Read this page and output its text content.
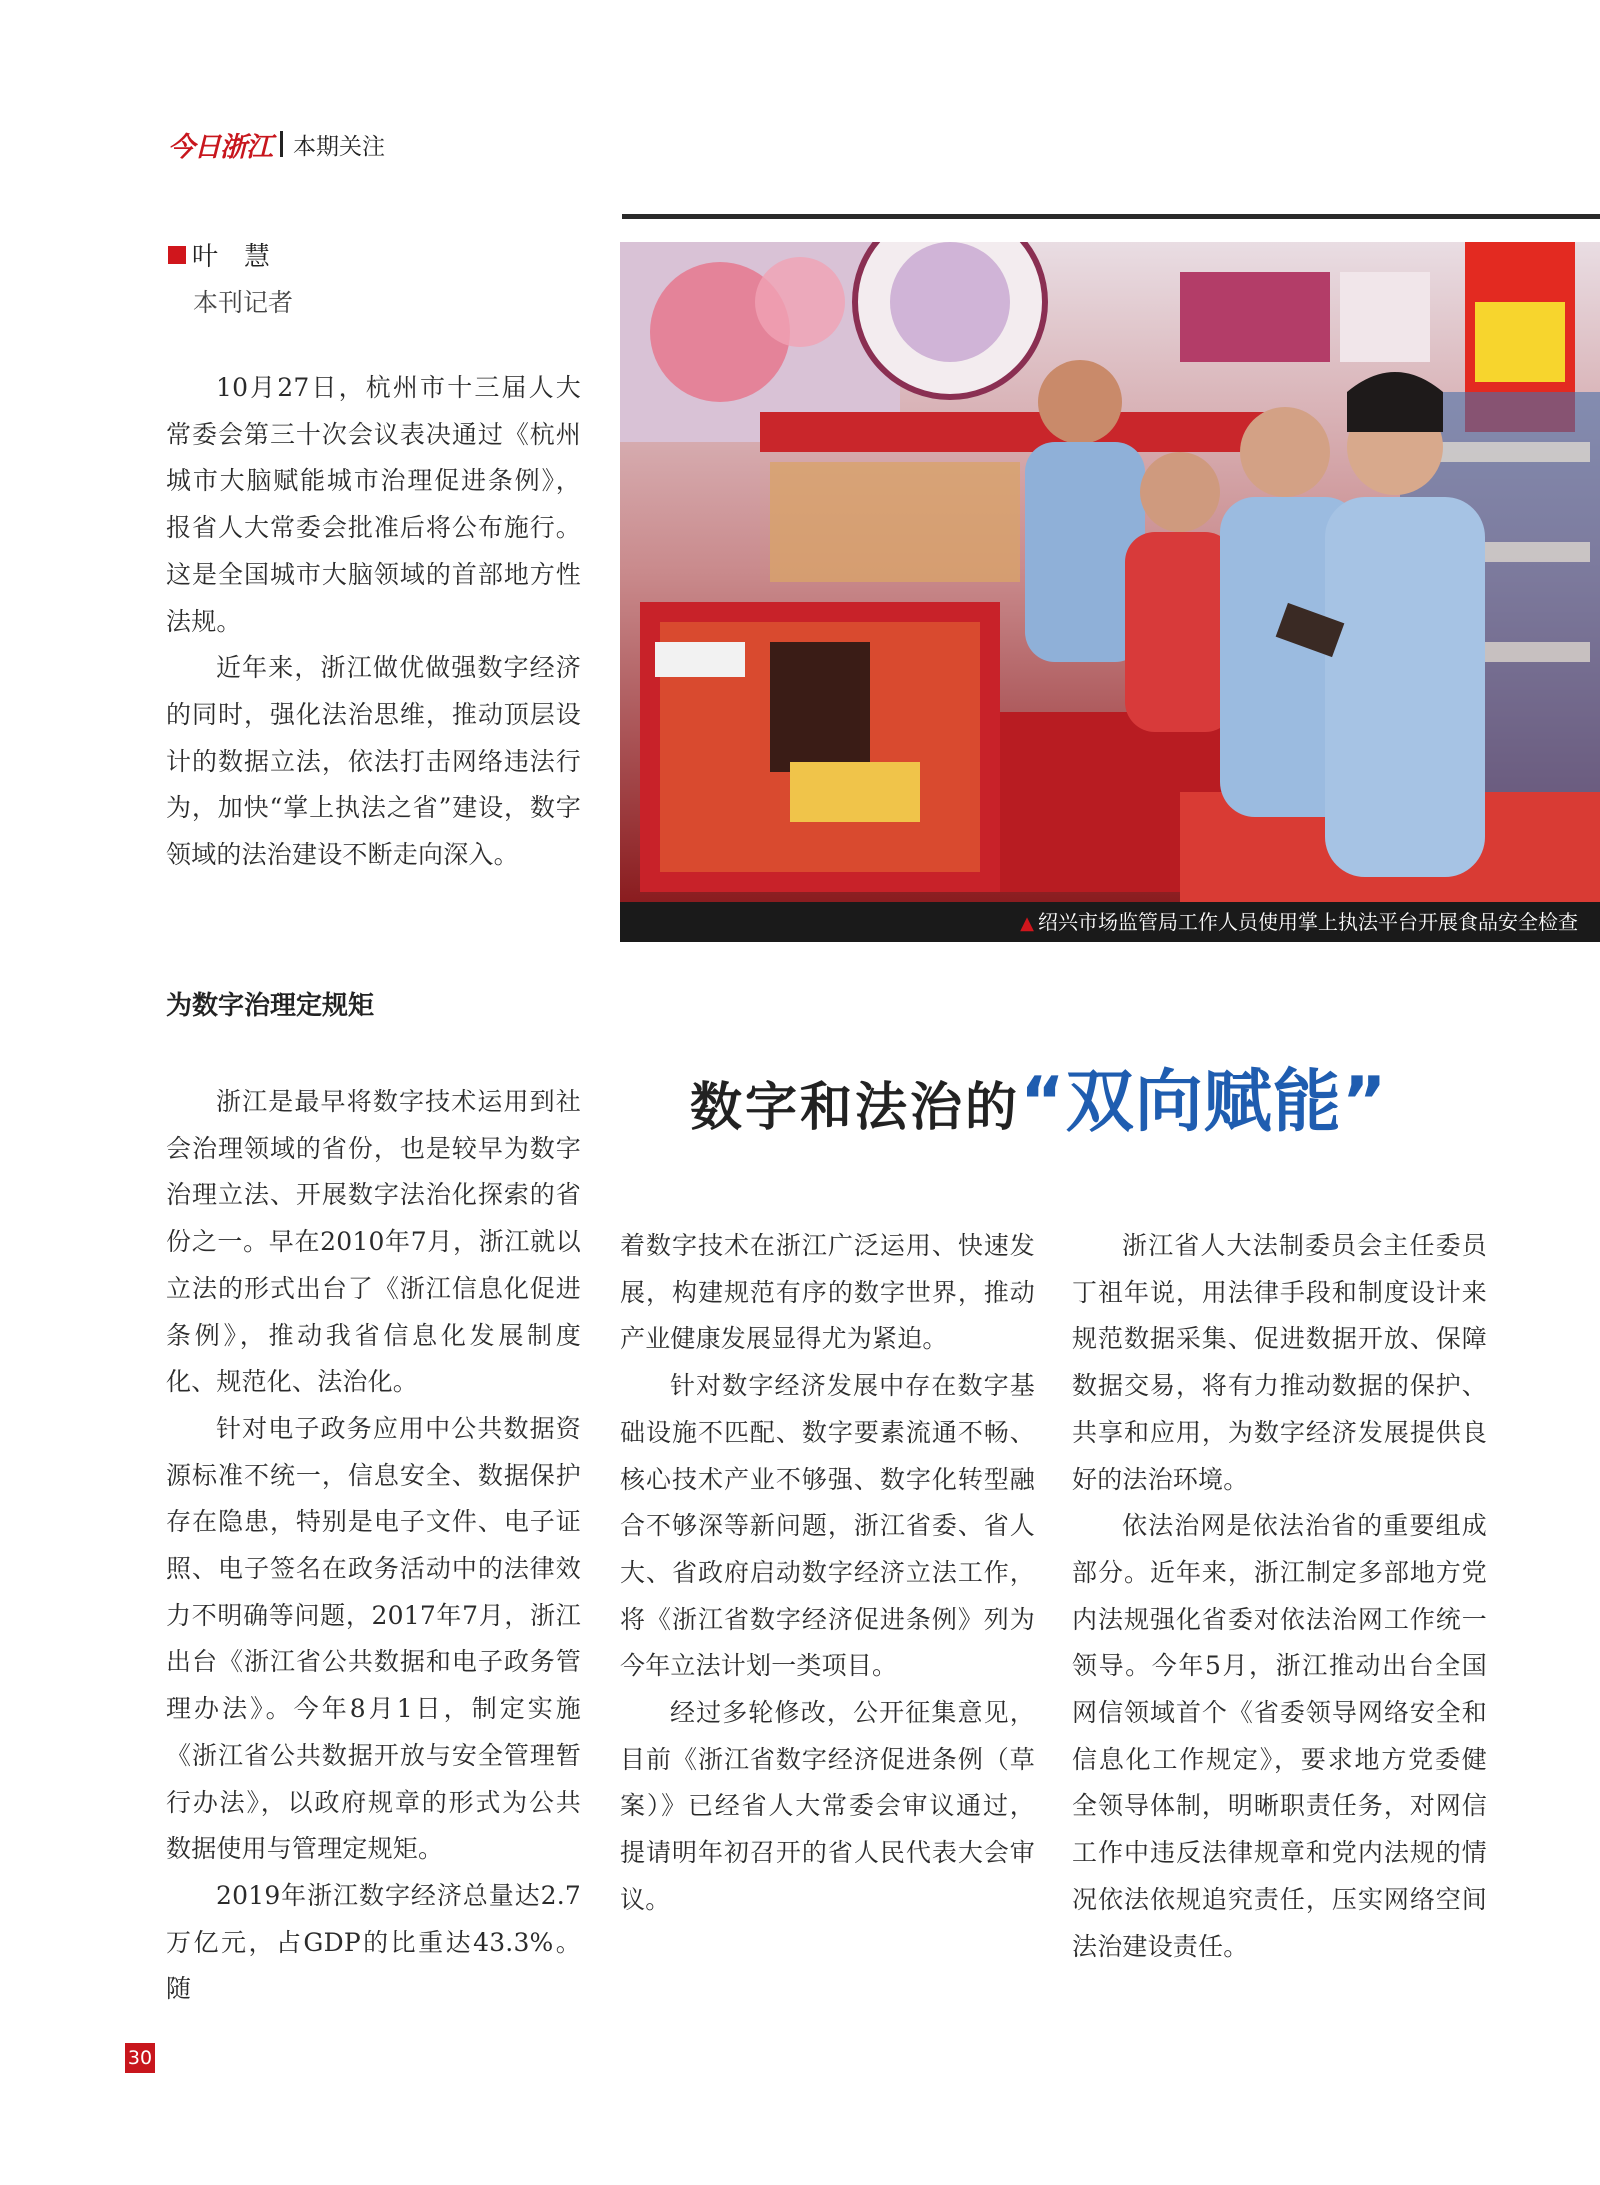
今日浙江 本期关注
叶　慧
本刊记者

10月27日，杭州市十三届人大常委会第三十次会议表决通过《杭州城市大脑赋能城市治理促进条例》，报省人大常委会批准后将公布施行。这是全国城市大脑领域的首部地方性法规。

近年来，浙江做优做强数字经济的同时，强化法治思维，推动顶层设计的数据立法，依法打击网络违法行为，加快“掌上执法之省”建设，数字领域的法治建设不断走向深入。

▲ 绍兴市场监管局工作人员使用掌上执法平台开展食品安全检查
为数字治理定规矩
数字和法治的“双向赋能”

浙江是最早将数字技术运用到社会治理领域的省份，也是较早为数字治理立法、开展数字法治化探索的省份之一。早在2010年7月，浙江就以立法的形式出台了《浙江信息化促进条例》，推动我省信息化发展制度化、规范化、法治化。

针对电子政务应用中公共数据资源标准不统一，信息安全、数据保护存在隐患，特别是电子文件、电子证照、电子签名在政务活动中的法律效力不明确等问题，2017年7月，浙江出台《浙江省公共数据和电子政务管理办法》。今年8月1日，制定实施《浙江省公共数据开放与安全管理暂行办法》，以政府规章的形式为公共数据使用与管理定规矩。

2019年浙江数字经济总量达2.7万亿元，占GDP的比重达43.3%。随

着数字技术在浙江广泛运用、快速发展，构建规范有序的数字世界，推动产业健康发展显得尤为紧迫。

针对数字经济发展中存在数字基础设施不匹配、数字要素流通不畅、核心技术产业不够强、数字化转型融合不够深等新问题，浙江省委、省人大、省政府启动数字经济立法工作，将《浙江省数字经济促进条例》列为今年立法计划一类项目。

经过多轮修改，公开征集意见，目前《浙江省数字经济促进条例（草案）》已经省人大常委会审议通过，提请明年初召开的省人民代表大会审议。

浙江省人大法制委员会主任委员丁祖年说，用法律手段和制度设计来规范数据采集、促进数据开放、保障数据交易，将有力推动数据的保护、共享和应用，为数字经济发展提供良好的法治环境。

依法治网是依法治省的重要组成部分。近年来，浙江制定多部地方党内法规强化省委对依法治网工作统一领导。今年5月，浙江推动出台全国网信领域首个《省委领导网络安全和信息化工作规定》，要求地方党委健全领导体制，明晰职责任务，对网信工作中违反法律规章和党内法规的情况依法依规追究责任，压实网络空间法治建设责任。

30
